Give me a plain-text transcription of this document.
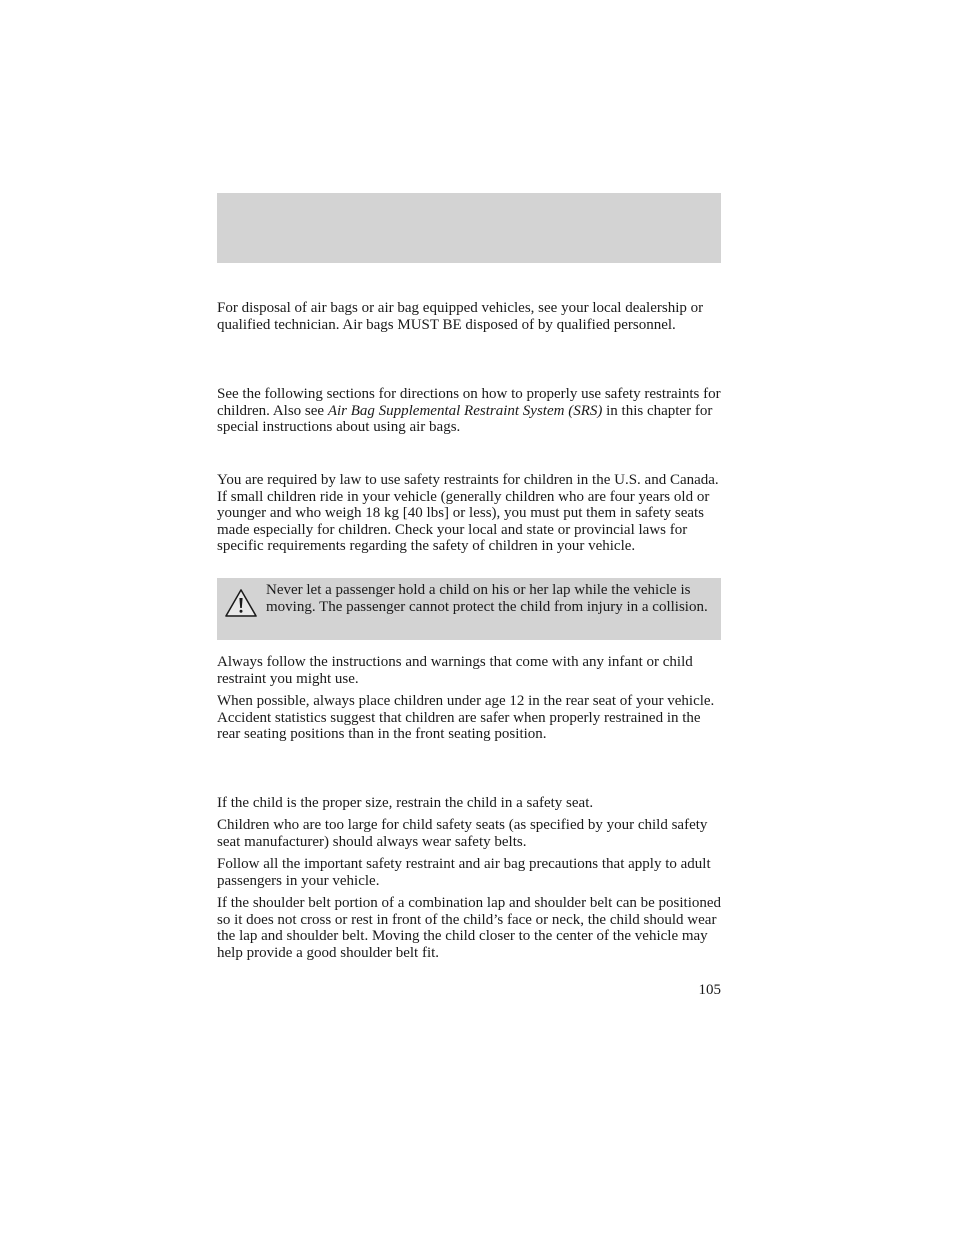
For disposal of air bags or air bag equipped vehicles, see your local dealership or qualified technician. Air bags MUST BE disposed of by qualified personnel.

See the following sections for directions on how to properly use safety restraints for children. Also see Air Bag Supplemental Restraint System (SRS) in this chapter for special instructions about using air bags.

You are required by law to use safety restraints for children in the U.S. and Canada. If small children ride in your vehicle (generally children who are four years old or younger and who weigh 18 kg [40 lbs] or less), you must put them in safety seats made especially for children. Check your local and state or provincial laws for specific requirements regarding the safety of children in your vehicle.

Never let a passenger hold a child on his or her lap while the vehicle is moving. The passenger cannot protect the child from injury in a collision.

Always follow the instructions and warnings that come with any infant or child restraint you might use.

When possible, always place children under age 12 in the rear seat of your vehicle. Accident statistics suggest that children are safer when properly restrained in the rear seating positions than in the front seating position.

If the child is the proper size, restrain the child in a safety seat.

Children who are too large for child safety seats (as specified by your child safety seat manufacturer) should always wear safety belts.

Follow all the important safety restraint and air bag precautions that apply to adult passengers in your vehicle.

If the shoulder belt portion of a combination lap and shoulder belt can be positioned so it does not cross or rest in front of the child’s face or neck, the child should wear the lap and shoulder belt. Moving the child closer to the center of the vehicle may help provide a good shoulder belt fit.

105
